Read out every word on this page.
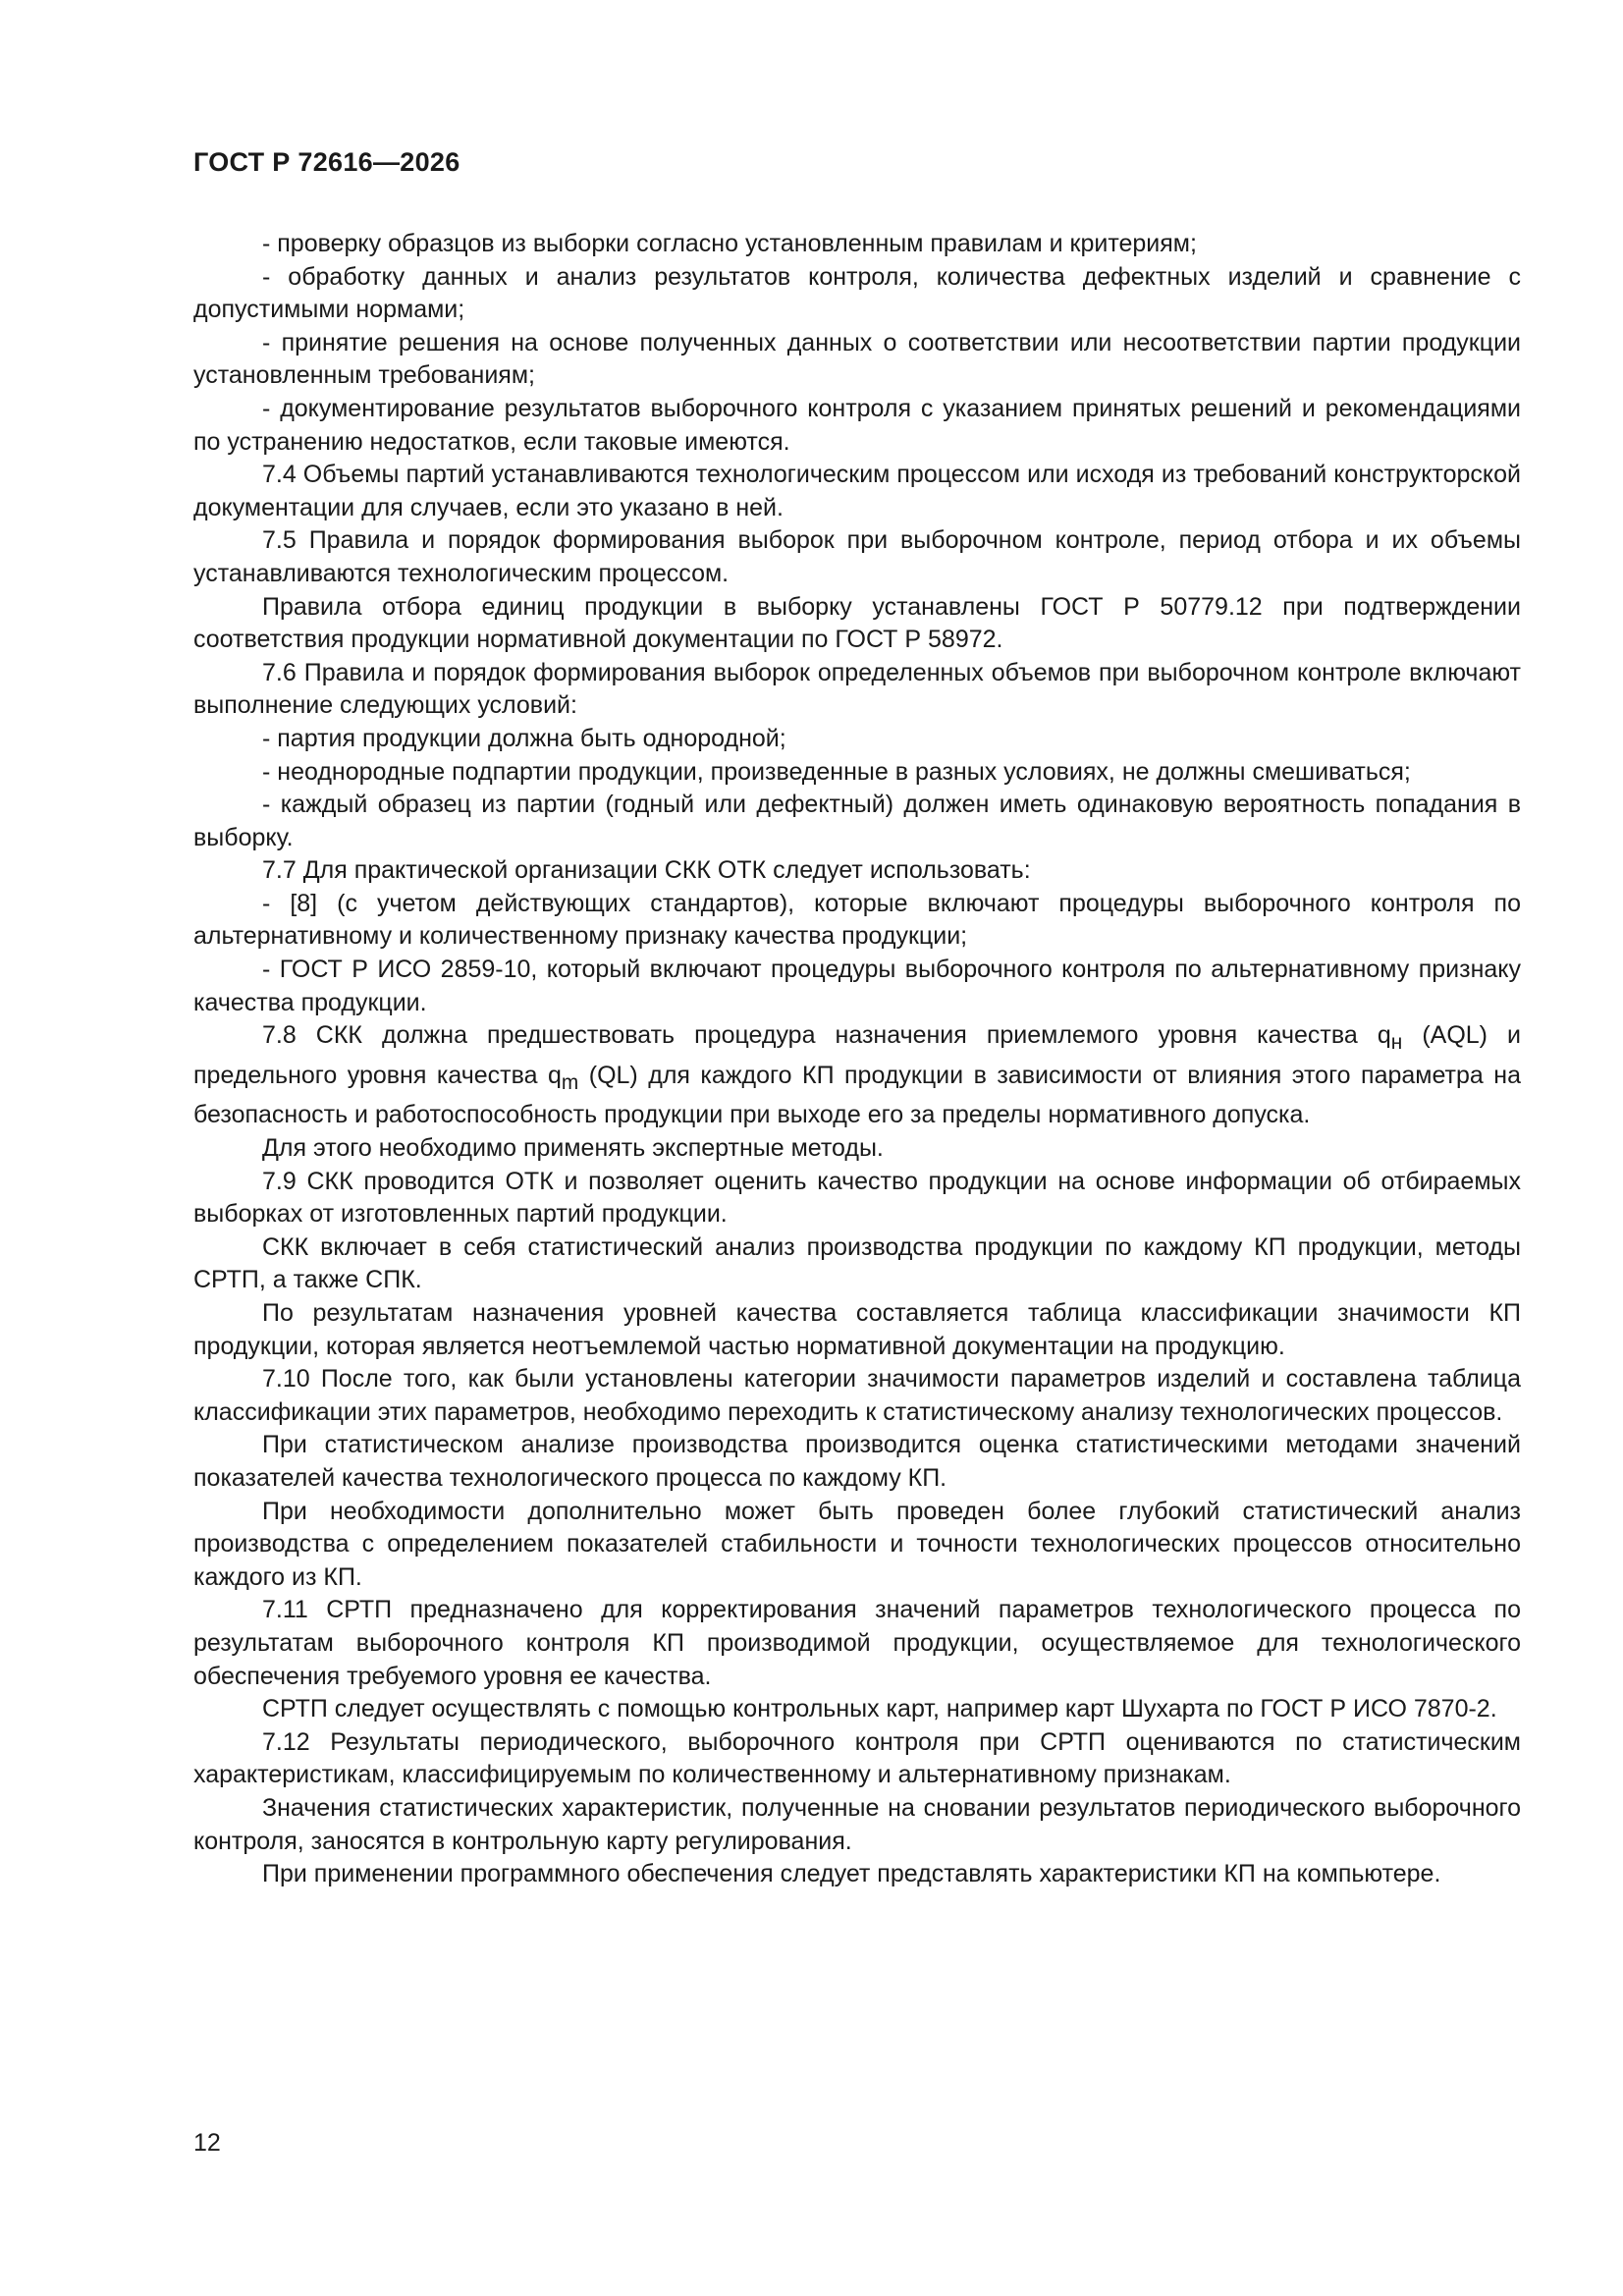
ГОСТ Р 72616—2026

- проверку образцов из выборки согласно установленным правилам и критериям;

- обработку данных и анализ результатов контроля, количества дефектных изделий и сравнение с допустимыми нормами;

- принятие решения на основе полученных данных о соответствии или несоответствии партии продукции установленным требованиям;

- документирование результатов выборочного контроля с указанием принятых решений и рекомендациями по устранению недостатков, если таковые имеются.

7.4 Объемы партий устанавливаются технологическим процессом или исходя из требований конструкторской документации для случаев, если это указано в ней.

7.5 Правила и порядок формирования выборок при выборочном контроле, период отбора и их объемы устанавливаются технологическим процессом.

Правила отбора единиц продукции в выборку устанавлены ГОСТ Р 50779.12 при подтверждении соответствия продукции нормативной документации по ГОСТ Р 58972.

7.6 Правила и порядок формирования выборок определенных объемов при выборочном контроле включают выполнение следующих условий:

- партия продукции должна быть однородной;

- неоднородные подпартии продукции, произведенные в разных условиях, не должны смешиваться;

- каждый образец из партии (годный или дефектный) должен иметь одинаковую вероятность попадания в выборку.

7.7 Для практической организации СКК ОТК следует использовать:

- [8] (с учетом действующих стандартов), которые включают процедуры выборочного контроля по альтернативному и количественному признаку качества продукции;

- ГОСТ Р ИСО 2859-10, который включают процедуры выборочного контроля по альтернативному признаку качества продукции.

7.8 СКК должна предшествовать процедура назначения приемлемого уровня качества $q_н$ (AQL) и предельного уровня качества $q_m$ (QL) для каждого КП продукции в зависимости от влияния этого параметра на безопасность и работоспособность продукции при выходе его за пределы нормативного допуска.

Для этого необходимо применять экспертные методы.

7.9 СКК проводится ОТК и позволяет оценить качество продукции на основе информации об отбираемых выборках от изготовленных партий продукции.

СКК включает в себя статистический анализ производства продукции по каждому КП продукции, методы СРТП, а также СПК.

По результатам назначения уровней качества составляется таблица классификации значимости КП продукции, которая является неотъемлемой частью нормативной документации на продукцию.

7.10 После того, как были установлены категории значимости параметров изделий и составлена таблица классификации этих параметров, необходимо переходить к статистическому анализу технологических процессов.

При статистическом анализе производства производится оценка статистическими методами значений показателей качества технологического процесса по каждому КП.

При необходимости дополнительно может быть проведен более глубокий статистический анализ производства с определением показателей стабильности и точности технологических процессов относительно каждого из КП.

7.11 СРТП предназначено для корректирования значений параметров технологического процесса по результатам выборочного контроля КП производимой продукции, осуществляемое для технологического обеспечения требуемого уровня ее качества.

СРТП следует осуществлять с помощью контрольных карт, например карт Шухарта по ГОСТ Р ИСО 7870-2.

7.12 Результаты периодического, выборочного контроля при СРТП оцениваются по статистическим характеристикам, классифицируемым по количественному и альтернативному признакам.

Значения статистических характеристик, полученные на сновании результатов периодического выборочного контроля, заносятся в контрольную карту регулирования.

При применении программного обеспечения следует представлять характеристики КП на компьютере.

12
